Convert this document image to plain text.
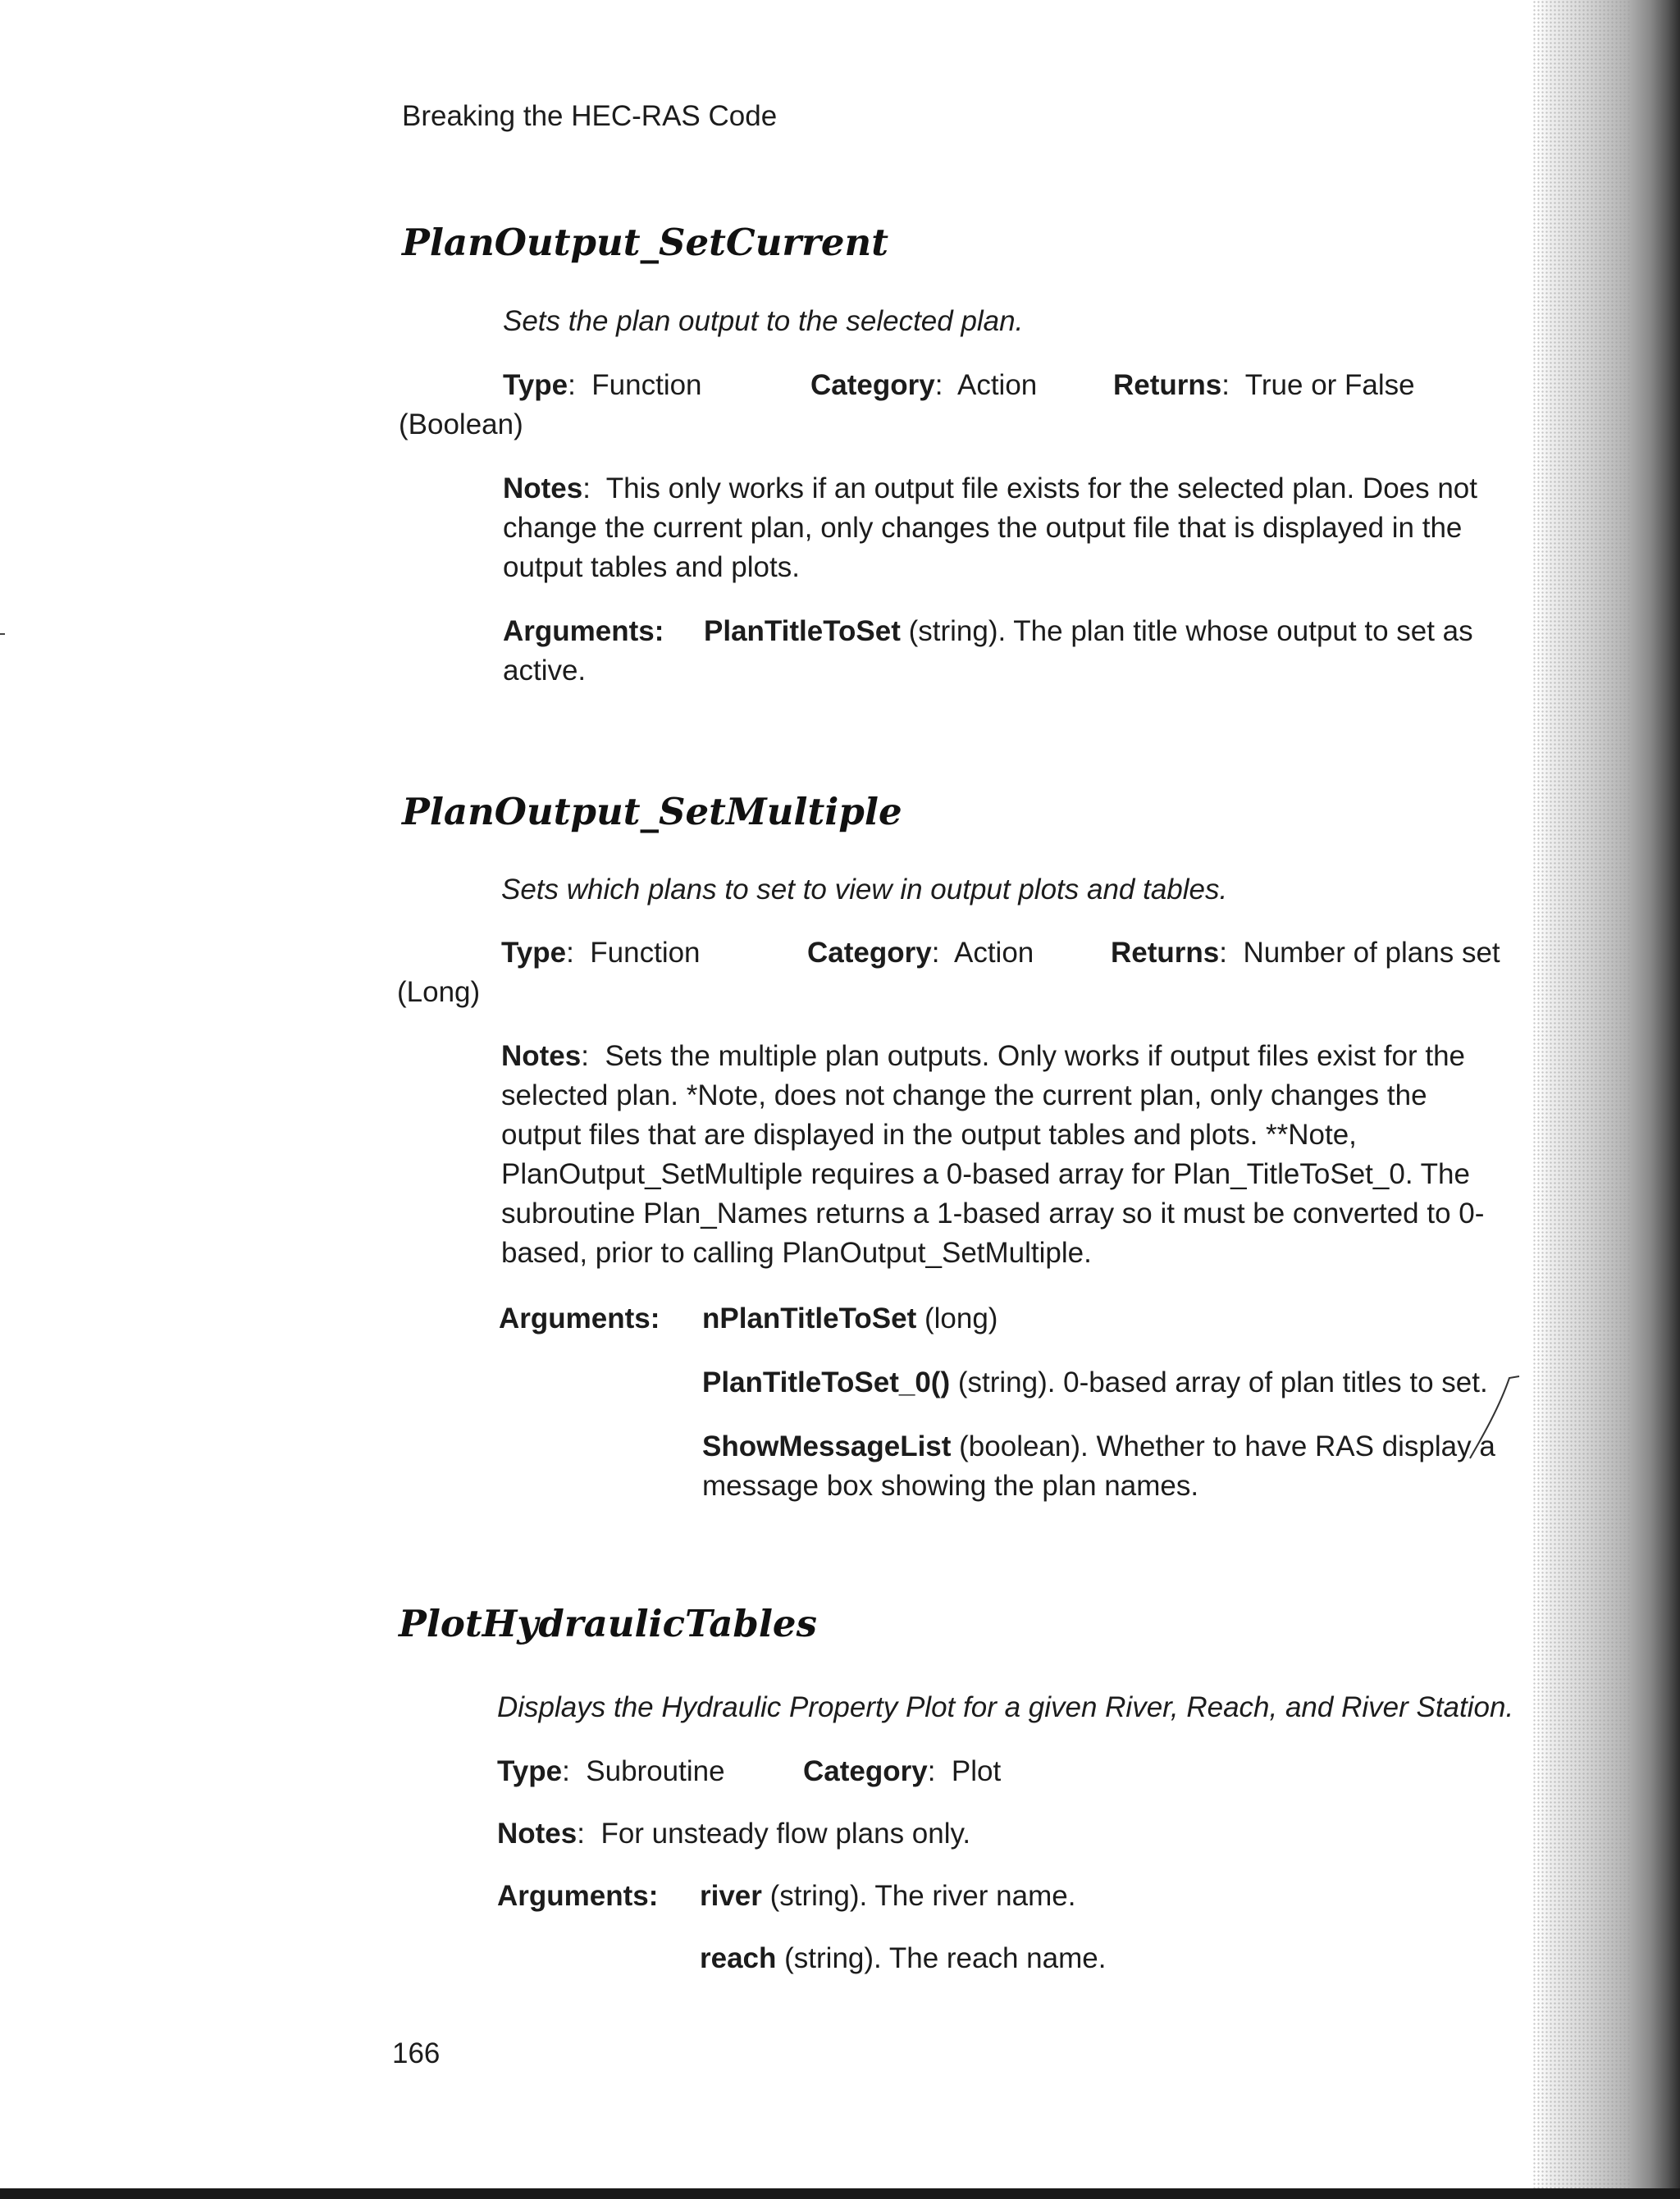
Breaking the HEC-RAS Code
PlanOutput_SetCurrent
Sets the plan output to the selected plan.
Type:  Function	Category:  Action	Returns:  True or False
(Boolean)
Notes:  This only works if an output file exists for the selected plan. Does not
change the current plan, only changes the output file that is displayed in the
output tables and plots.
Arguments: PlanTitleToSet (string). The plan title whose output to set as
active.
PlanOutput_SetMultiple
Sets which plans to set to view in output plots and tables.
Type:  Function	Category:  Action	Returns:  Number of plans set
(Long)
Notes:  Sets the multiple plan outputs. Only works if output files exist for the
selected plan. *Note, does not change the current plan, only changes the
output files that are displayed in the output tables and plots. **Note,
PlanOutput_SetMultiple requires a 0-based array for Plan_TitleToSet_0. The
subroutine Plan_Names returns a 1-based array so it must be converted to 0-
based, prior to calling PlanOutput_SetMultiple.
Arguments: nPlanTitleToSet (long)
PlanTitleToSet_0() (string). 0-based array of plan titles to set.
ShowMessageList (boolean). Whether to have RAS display a
message box showing the plan names.
PlotHydraulicTables
Displays the Hydraulic Property Plot for a given River, Reach, and River Station.
Type:  Subroutine	Category:  Plot
Notes:  For unsteady flow plans only.
Arguments: river (string). The river name.
reach (string). The reach name.
166
